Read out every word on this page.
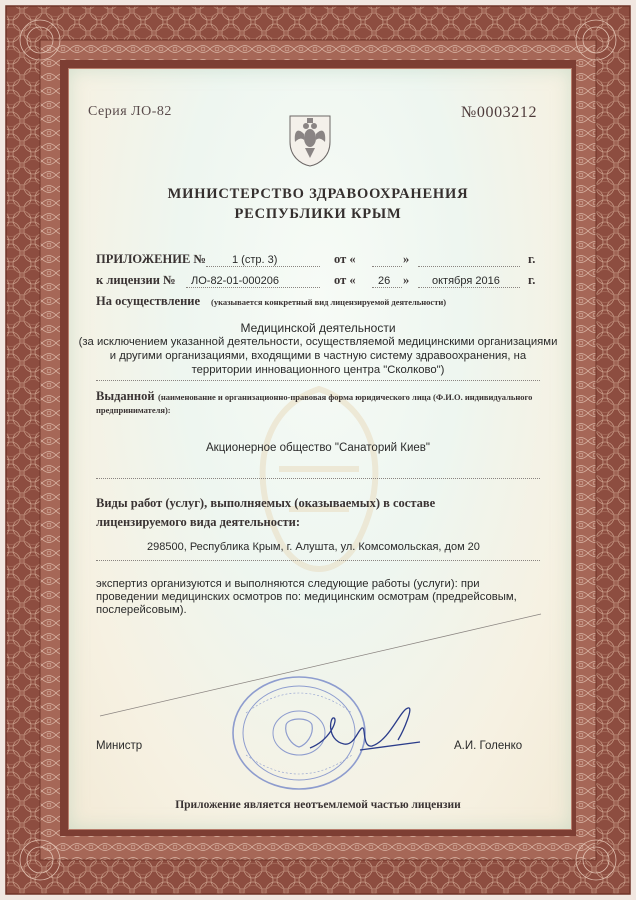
Серия ЛО-82	№0003212
МИНИСТЕРСТВО ЗДРАВООХРАНЕНИЯ
РЕСПУБЛИКИ КРЫМ
ПРИЛОЖЕНИЕ № 1 (стр. 3)	от «	»	г.
к лицензии № ЛО-82-01-000206	от « 26 » октября 2016 г.
На осуществление (указывается конкретный вид лицензируемой деятельности)
Медицинской деятельности
(за исключением указанной деятельности, осуществляемой медицинскими организациями
и другими организациями, входящими в частную систему здравоохранения, на
территории инновационного центра "Сколково")
Выданной (наименование и организационно-правовая форма юридического лица (Ф.И.О. индивидуального
предпринимателя):
Акционерное общество "Санаторий Киев"
Виды работ (услуг), выполняемых (оказываемых) в составе
лицензируемого вида деятельности:
298500, Республика Крым, г. Алушта, ул. Комсомольская, дом 20
экспертиз организуются и выполняются следующие работы (услуги): при
проведении медицинских осмотров по: медицинским осмотрам (предрейсовым,
послерейсовым).
Министр	А.И. Голенко
Приложение является неотъемлемой частью лицензии
